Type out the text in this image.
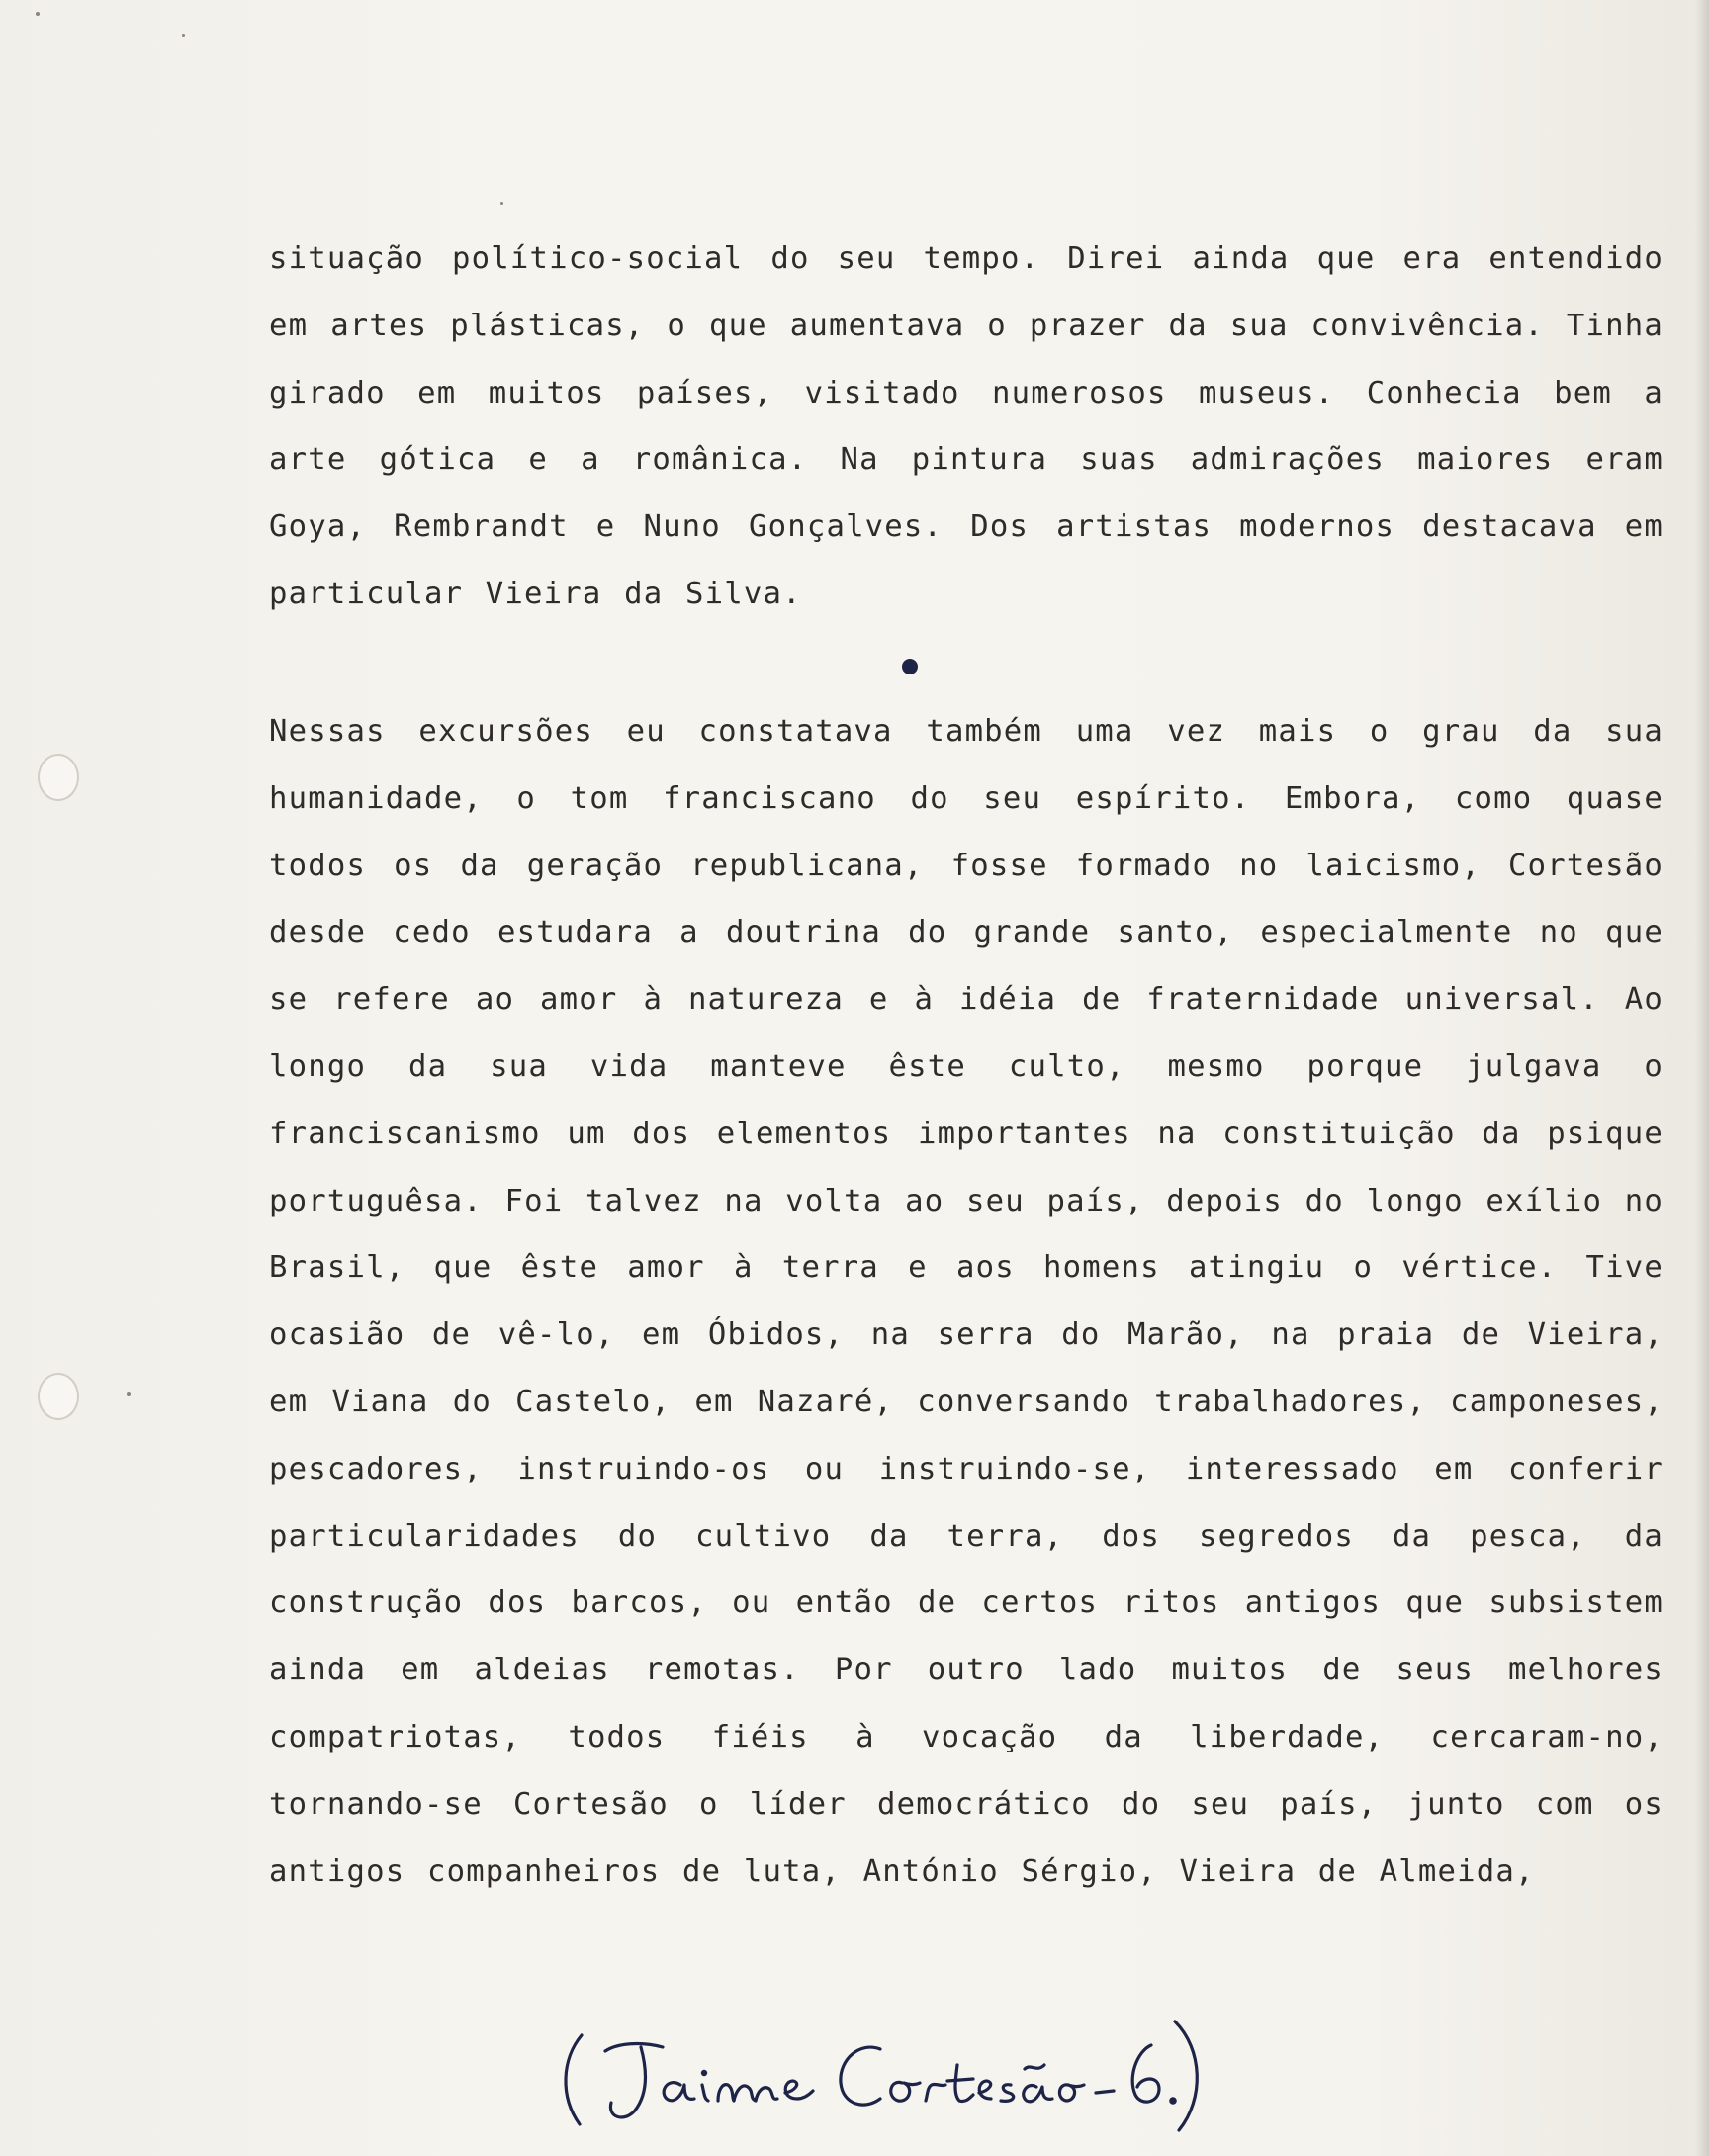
situação político-social do seu tempo. Direi ainda que era entendido em artes plásticas, o que aumentava o prazer da sua convivência. Tinha girado em muitos países, visitado numerosos museus. Conhecia bem a arte gótica e a românica. Na pintura suas admirações maiores eram Goya, Rembrandt e Nuno Gonçalves. Dos artistas modernos destacava em particular Vieira da Silva.
Nessas excursões eu constatava também uma vez mais o grau da sua humanidade, o tom franciscano do seu espírito. Embora, como quase todos os da geração republicana, fosse formado no laicismo, Cortesão desde cedo estudara a doutrina do grande santo, especialmente no que se refere ao amor à natureza e à idéia de fraternidade universal. Ao longo da sua vida manteve êste culto, mesmo porque julgava o franciscanismo um dos elementos importantes na constituição da psique portuguêsa. Foi talvez na volta ao seu país, depois do longo exílio no Brasil, que êste amor à terra e aos homens atingiu o vértice. Tive ocasião de vê-lo, em Óbidos, na serra do Marão, na praia de Vieira, em Viana do Castelo, em Nazaré, conversando trabalhadores, camponeses, pescadores, instruindo-os ou instruindo-se, interessado em conferir particularidades do cultivo da terra, dos segredos da pesca, da construção dos barcos, ou então de certos ritos antigos que subsistem ainda em aldeias remotas. Por outro lado muitos de seus melhores compatriotas, todos fiéis à vocação da liberdade, cercaram-no, tornando-se Cortesão o líder democrático do seu país, junto com os antigos companheiros de luta, António Sérgio, Vieira de Almeida,
